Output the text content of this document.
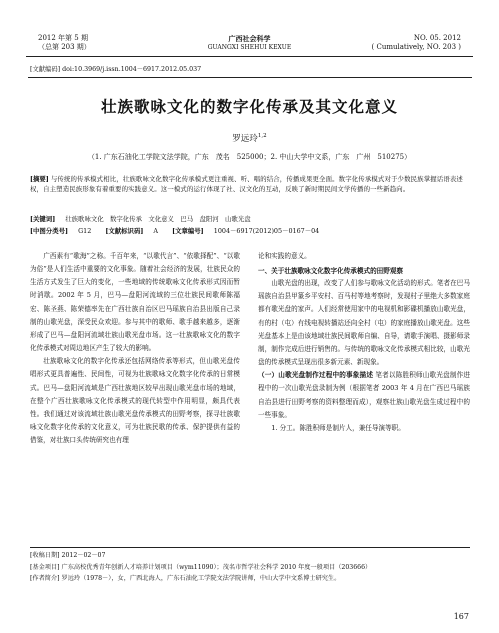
2012 年第 5 期
（总第 203 期）
广西社会科学
GUANGXI SHEHUI KEXUE
NO. 05. 2012
( Cumulatively, NO. 203 )
[文献编码] doi:10.3969/j.issn.1004－6917.2012.05.037
壮族歌咏文化的数字化传承及其文化意义
罗远玲$^{1,2}$
（1. 广东石油化工学院文法学院，广东　茂名　525000；2. 中山大学中文系，广东　广州　510275）
[摘要] 与传统的传承模式相比，壮族歌咏文化数字化传承模式更注重视、听、唱的结合，传播成果更全面。数字化传承模式对于少数民族掌握话语表述权，自主塑造民族形象有着重要的实践意义。这一模式的运行体现了社、汉文化的互动，反映了新时期民间文学传播的一些新趋向。
[关键词] 壮族歌咏文化　数字化传承　文化意义　巴马　盘阳河　山歌光盘
[中图分类号] G12 [文献标识码] A [文章编号] 1004－6917(2012)05－0167－04

广西素有“歌海”之称。千百年来，“以歌代言”、“依歌择配”、“以歌为俗”是人们生活中重要的文化事象。随着社会经济的发展，壮族民众的生活方式发生了巨大的变化，一些地域的传统歌咏文化传承形式因而暂时消歇。2002 年 5 月，巴马—盘阳河流域的三位壮族民间歌师陈福宏、陈圣燕、陈荣德率先在广西壮族自治区巴马瑶族自治县出版自己录制的山歌光盘，深受民众欢迎。参与其中的歌师、歌手越来越多，逐渐形成了巴马—盘阳河流域壮族山歌光盘市场。这一壮族歌咏文化的数字化传承模式对周边地区产生了较大的影响。

壮族歌咏文化的数字化传承还包括网络传承等形式，但山歌光盘传唱形式更具普遍性、民间性，可视为壮族歌咏文化数字化传承的日常模式。巴马—盘阳河流域是广西壮族地区较早出现山歌光盘市场的地域，在整个广西壮族歌咏文化传承模式的现代转型中作用明显，颇具代表性。我们通过对该流域壮族山歌光盘传承模式的田野考察，探寻壮族歌咏文化数字化传承的文化意义，可为壮族民歌的传承、保护提供有益的借鉴，对壮族口头传统研究也有理

论和实践的意义。
一、关于壮族歌咏文化数字化传承模式的田野观察

山歌光盘的出现，改变了人们参与歌咏文化活动的形式。笔者在巴马瑶族自治县甲篆乡平安村、百马村等地考察时，发现村子里绝大多数家庭都有歌光盘的家声。人们经常使用家中的电视机和影碟机播放山歌光盘，有的村（屯）有线电视转播站还向全村（屯）的家庭播放山歌光盘。这些光盘基本上是由该地域壮族民间歌师自编、自导，请歌手演唱、摄影师录制，制作完成后进行销售的。与传统的歌咏文化传承模式相比较，山歌光盘的传承模式呈现出很多新元素、新现象。

（一）山歌光盘制作过程中的事象描述 笔者以陈胜积师山歌光盘制作进程中的一次山歌光盘录制为例（根据笔者 2003 年 4 月在广西巴马瑶族自治县进行田野考察的资料整理而成），观察壮族山歌光盘生成过程中的一些事象。

1. 分工。陈胜积师是制片人，兼任导演等职。

[收稿日期] 2012－02－07
[基金项目] 广东高校优秀青年创新人才培养计划项目（wym11090）；茂名市哲学社会科学 2010 年度一般项目（203666）
[作者简介] 罗远玲（1978－），女，广西北海人，广东石油化工学院文法学院讲师，中山大学中文系博士研究生。
167
